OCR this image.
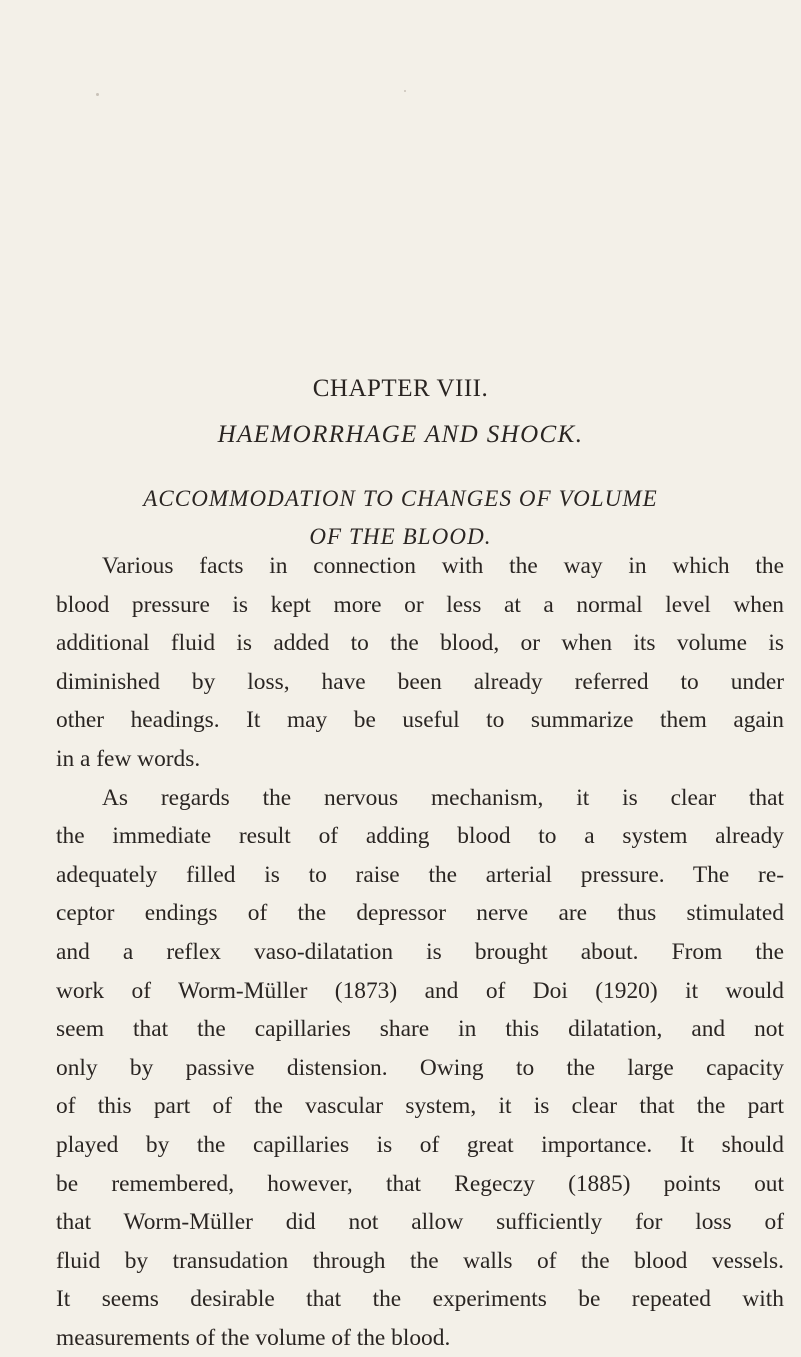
CHAPTER VIII.
HAEMORRHAGE AND SHOCK.
ACCOMMODATION TO CHANGES OF VOLUME
OF THE BLOOD.

Various facts in connection with the way in which the
blood pressure is kept more or less at a normal level when
additional fluid is added to the blood, or when its volume is
diminished by loss, have been already referred to under
other headings. It may be useful to summarize them again
in a few words.

As regards the nervous mechanism, it is clear that
the immediate result of adding blood to a system already
adequately filled is to raise the arterial pressure. The re-
ceptor endings of the depressor nerve are thus stimulated
and a reflex vaso-dilatation is brought about. From the
work of Worm-Müller (1873) and of Doi (1920) it would
seem that the capillaries share in this dilatation, and not
only by passive distension. Owing to the large capacity
of this part of the vascular system, it is clear that the part
played by the capillaries is of great importance. It should
be remembered, however, that Regeczy (1885) points out
that Worm-Müller did not allow sufficiently for loss of
fluid by transudation through the walls of the blood vessels.
It seems desirable that the experiments be repeated with
measurements of the volume of the blood.
